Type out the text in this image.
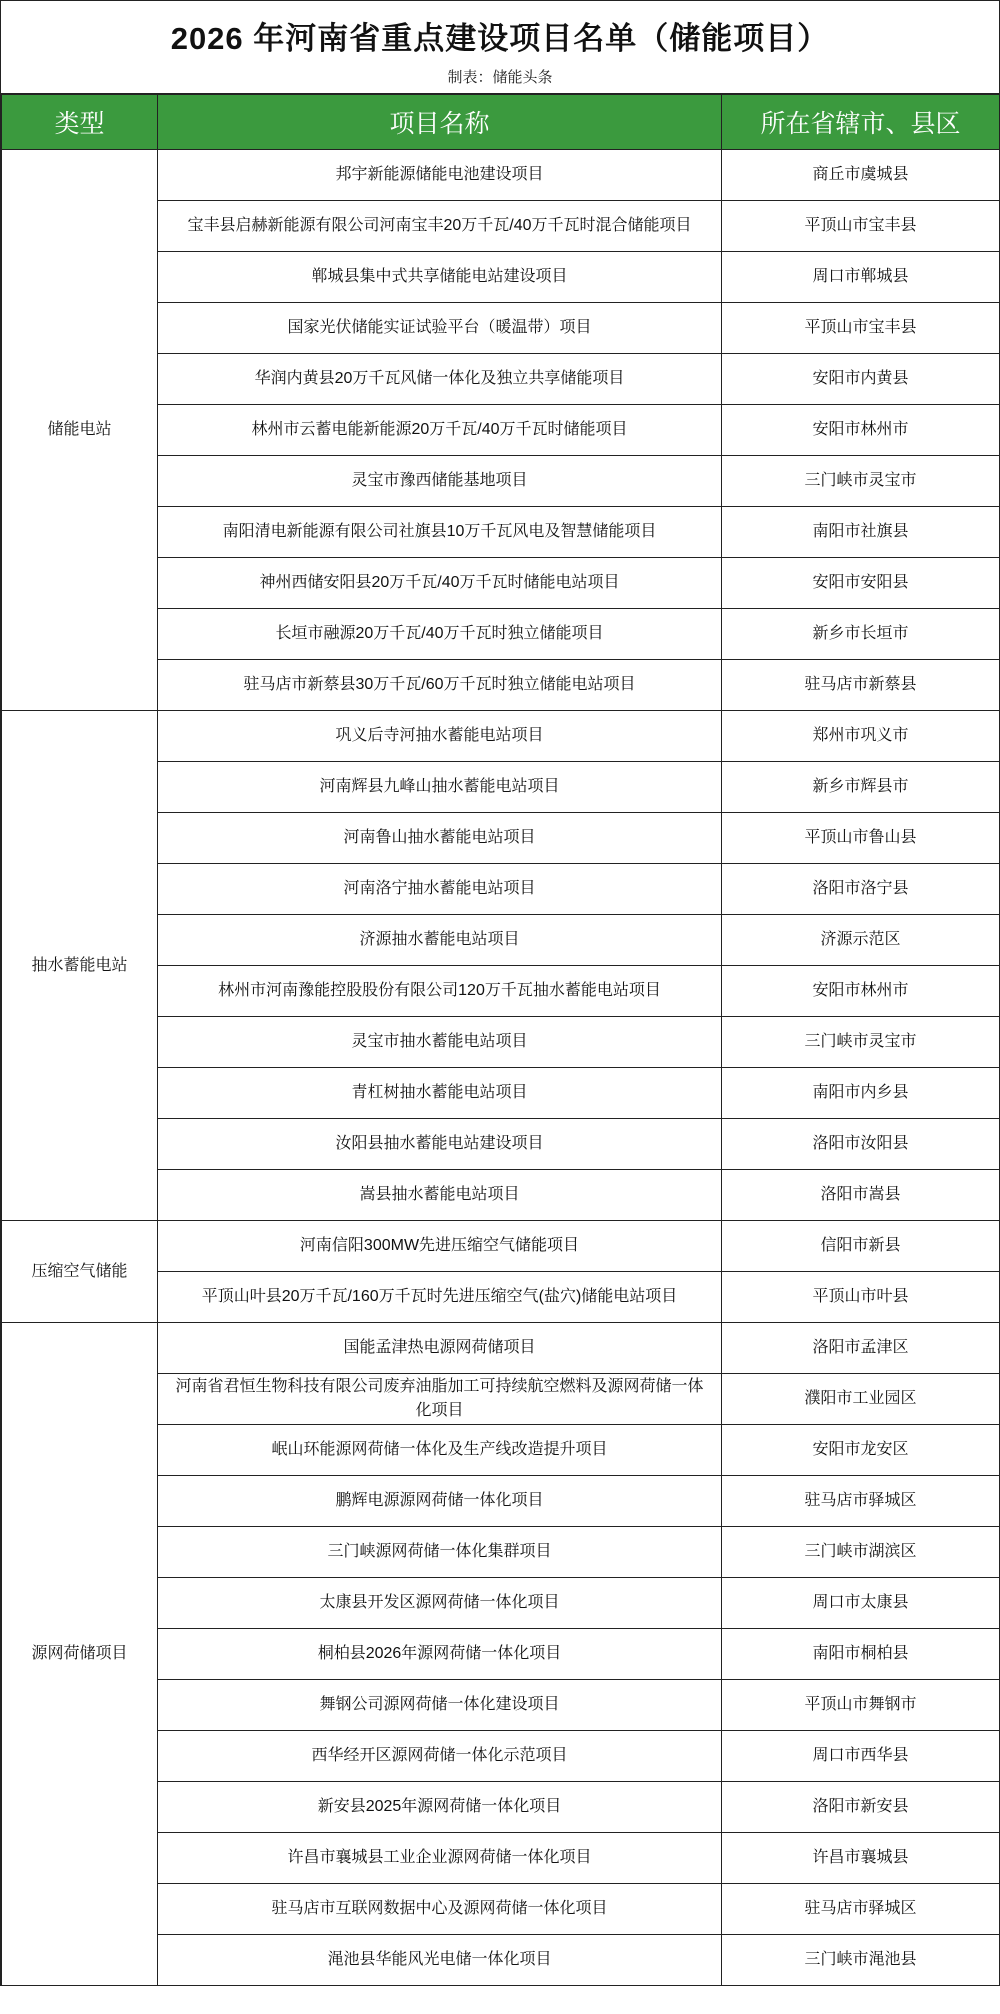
2026 年河南省重点建设项目名单（储能项目）
制表：储能头条
类型	项目名称	所在省辖市、县区
储能电站	邦宇新能源储能电池建设项目	商丘市虞城县
	宝丰县启赫新能源有限公司河南宝丰20万千瓦/40万千瓦时混合储能项目	平顶山市宝丰县
	郸城县集中式共享储能电站建设项目	周口市郸城县
	国家光伏储能实证试验平台（暖温带）项目	平顶山市宝丰县
	华润内黄县20万千瓦风储一体化及独立共享储能项目	安阳市内黄县
	林州市云蓄电能新能源20万千瓦/40万千瓦时储能项目	安阳市林州市
	灵宝市豫西储能基地项目	三门峡市灵宝市
	南阳清电新能源有限公司社旗县10万千瓦风电及智慧储能项目	南阳市社旗县
	神州西储安阳县20万千瓦/40万千瓦时储能电站项目	安阳市安阳县
	长垣市融源20万千瓦/40万千瓦时独立储能项目	新乡市长垣市
	驻马店市新蔡县30万千瓦/60万千瓦时独立储能电站项目	驻马店市新蔡县
抽水蓄能电站	巩义后寺河抽水蓄能电站项目	郑州市巩义市
	河南辉县九峰山抽水蓄能电站项目	新乡市辉县市
	河南鲁山抽水蓄能电站项目	平顶山市鲁山县
	河南洛宁抽水蓄能电站项目	洛阳市洛宁县
	济源抽水蓄能电站项目	济源示范区
	林州市河南豫能控股股份有限公司120万千瓦抽水蓄能电站项目	安阳市林州市
	灵宝市抽水蓄能电站项目	三门峡市灵宝市
	青杠树抽水蓄能电站项目	南阳市内乡县
	汝阳县抽水蓄能电站建设项目	洛阳市汝阳县
	嵩县抽水蓄能电站项目	洛阳市嵩县
压缩空气储能	河南信阳300MW先进压缩空气储能项目	信阳市新县
	平顶山叶县20万千瓦/160万千瓦时先进压缩空气(盐穴)储能电站项目	平顶山市叶县
源网荷储项目	国能孟津热电源网荷储项目	洛阳市孟津区
	河南省君恒生物科技有限公司废弃油脂加工可持续航空燃料及源网荷储一体化项目	濮阳市工业园区
	岷山环能源网荷储一体化及生产线改造提升项目	安阳市龙安区
	鹏辉电源源网荷储一体化项目	驻马店市驿城区
	三门峡源网荷储一体化集群项目	三门峡市湖滨区
	太康县开发区源网荷储一体化项目	周口市太康县
	桐柏县2026年源网荷储一体化项目	南阳市桐柏县
	舞钢公司源网荷储一体化建设项目	平顶山市舞钢市
	西华经开区源网荷储一体化示范项目	周口市西华县
	新安县2025年源网荷储一体化项目	洛阳市新安县
	许昌市襄城县工业企业源网荷储一体化项目	许昌市襄城县
	驻马店市互联网数据中心及源网荷储一体化项目	驻马店市驿城区
	渑池县华能风光电储一体化项目	三门峡市渑池县
